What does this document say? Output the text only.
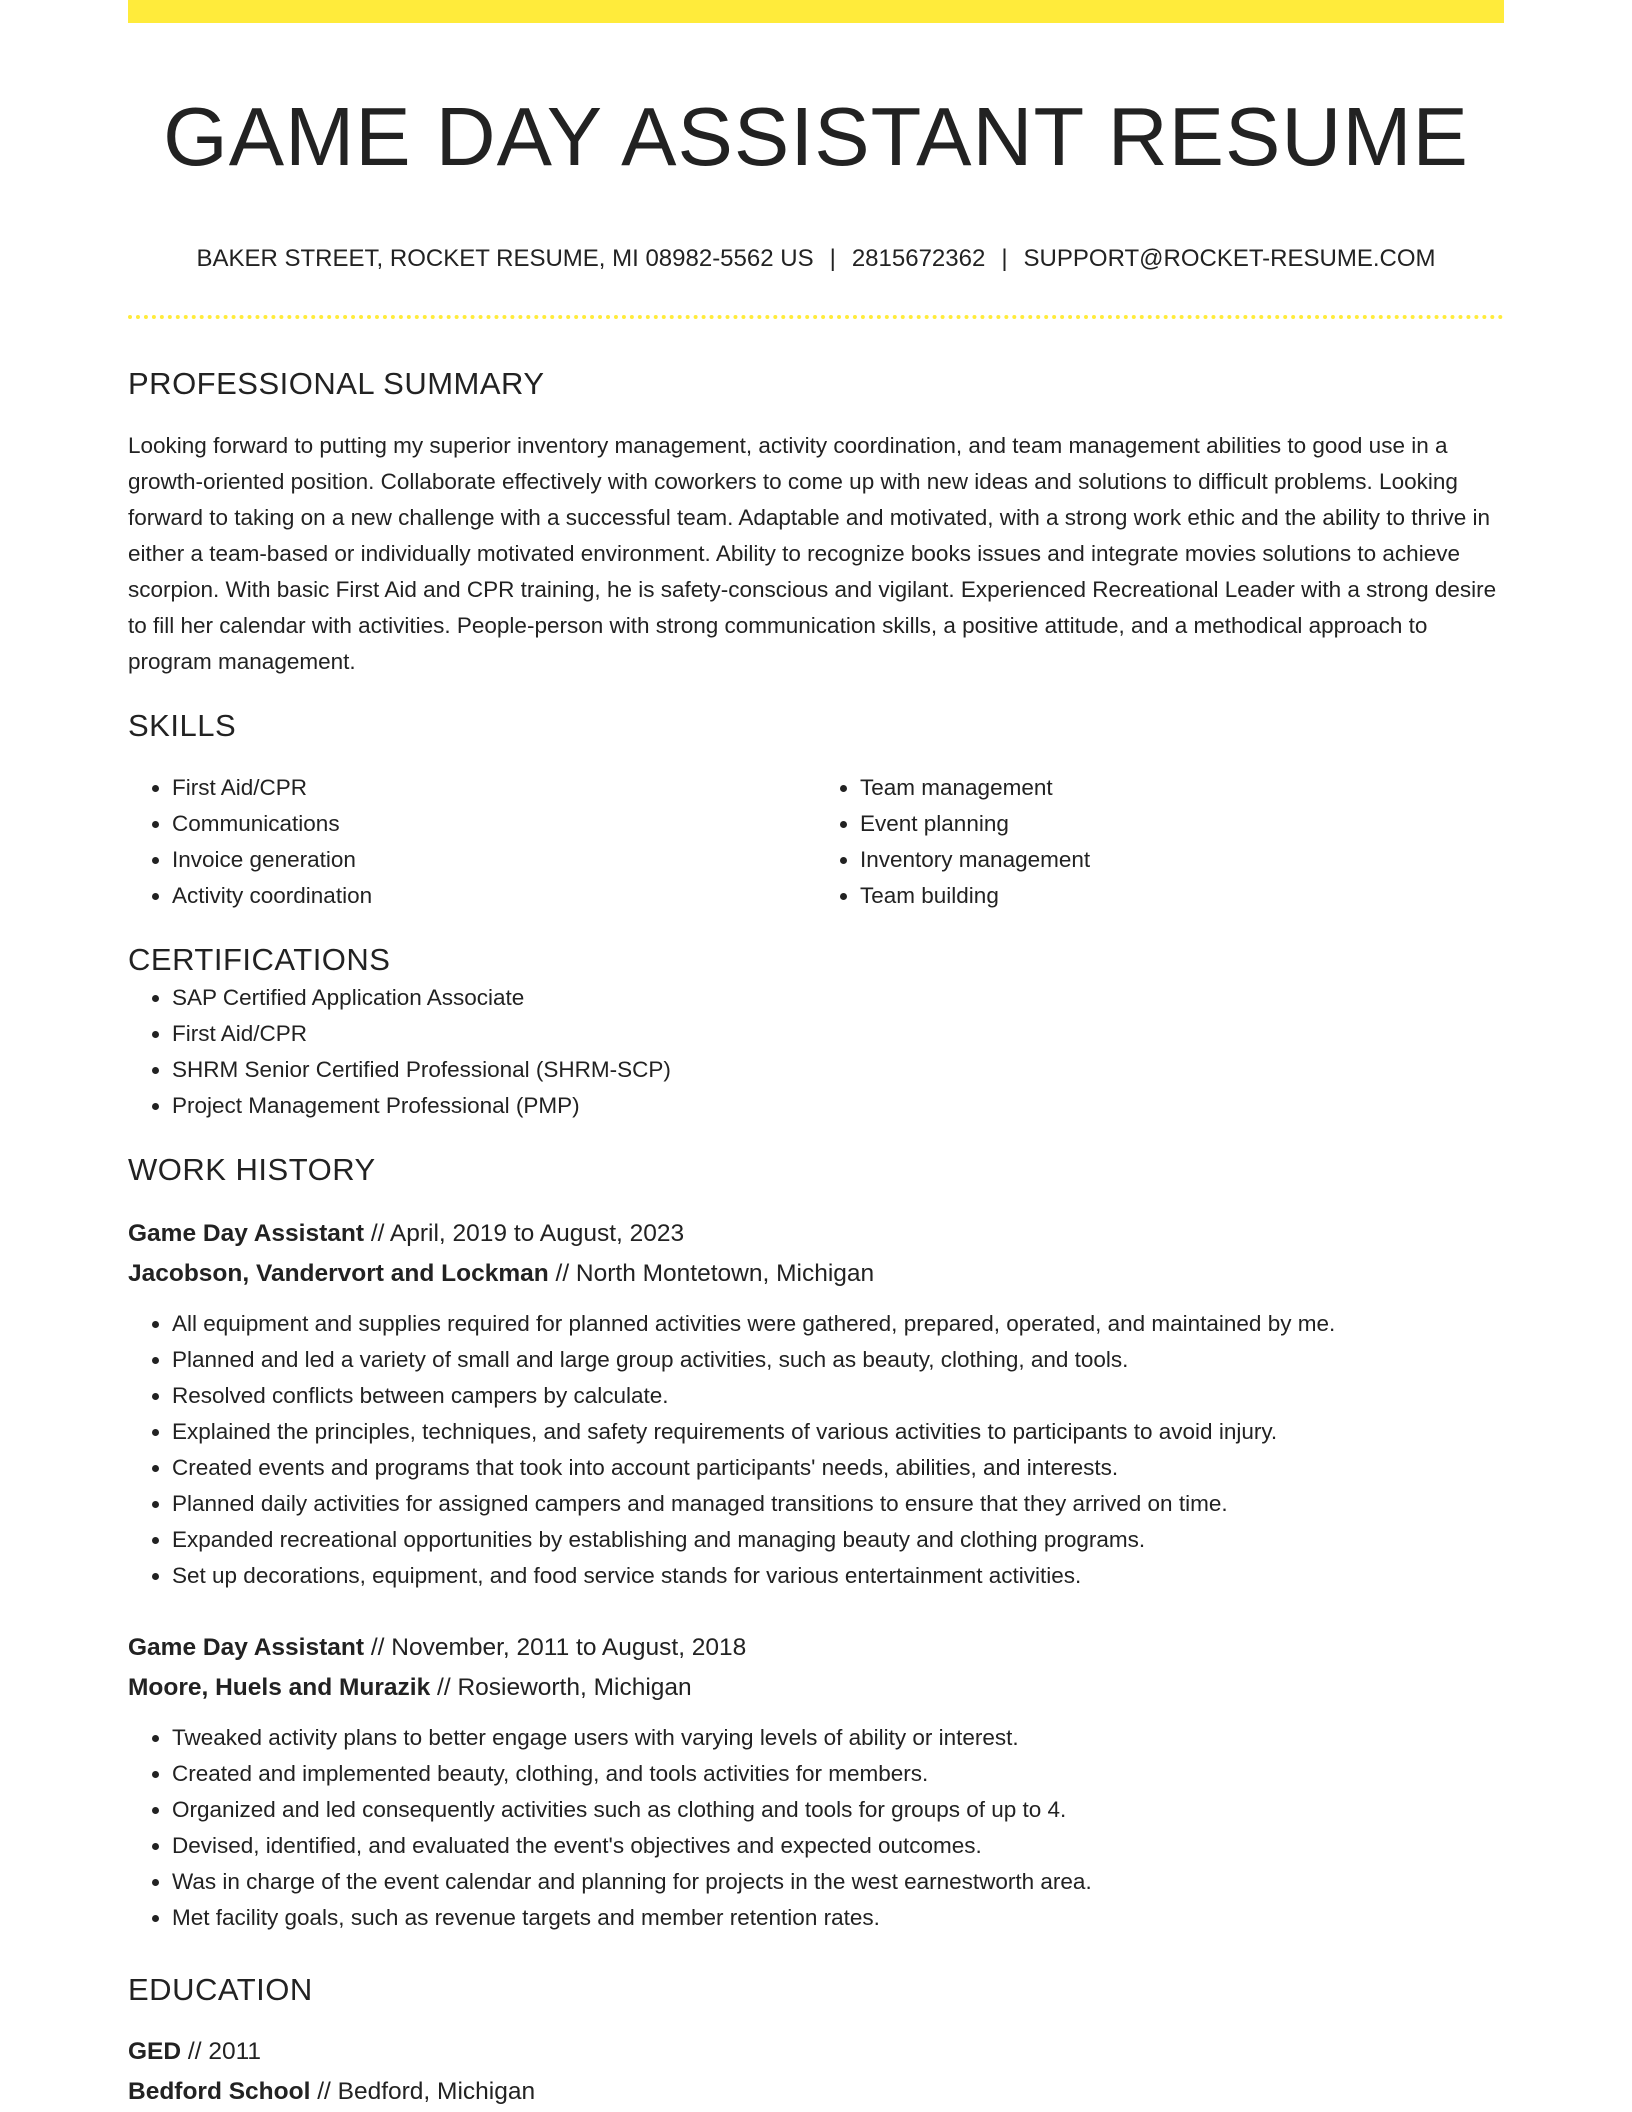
GAME DAY ASSISTANT RESUME
BAKER STREET, ROCKET RESUME, MI 08982-5562 US | 2815672362 | SUPPORT@ROCKET-RESUME.COM
PROFESSIONAL SUMMARY

Looking forward to putting my superior inventory management, activity coordination, and team management abilities to good use in a growth-oriented position. Collaborate effectively with coworkers to come up with new ideas and solutions to difficult problems. Looking forward to taking on a new challenge with a successful team. Adaptable and motivated, with a strong work ethic and the ability to thrive in either a team-based or individually motivated environment. Ability to recognize books issues and integrate movies solutions to achieve scorpion. With basic First Aid and CPR training, he is safety-conscious and vigilant. Experienced Recreational Leader with a strong desire to fill her calendar with activities. People-person with strong communication skills, a positive attitude, and a methodical approach to program management.

SKILLS
• First Aid/CPR
• Communications
• Invoice generation
• Activity coordination
• Team management
• Event planning
• Inventory management
• Team building
CERTIFICATIONS
• SAP Certified Application Associate
• First Aid/CPR
• SHRM Senior Certified Professional (SHRM-SCP)
• Project Management Professional (PMP)
WORK HISTORY
Game Day Assistant // April, 2019 to August, 2023
Jacobson, Vandervort and Lockman // North Montetown, Michigan
• All equipment and supplies required for planned activities were gathered, prepared, operated, and maintained by me.
• Planned and led a variety of small and large group activities, such as beauty, clothing, and tools.
• Resolved conflicts between campers by calculate.
• Explained the principles, techniques, and safety requirements of various activities to participants to avoid injury.
• Created events and programs that took into account participants' needs, abilities, and interests.
• Planned daily activities for assigned campers and managed transitions to ensure that they arrived on time.
• Expanded recreational opportunities by establishing and managing beauty and clothing programs.
• Set up decorations, equipment, and food service stands for various entertainment activities.
Game Day Assistant // November, 2011 to August, 2018
Moore, Huels and Murazik // Rosieworth, Michigan
• Tweaked activity plans to better engage users with varying levels of ability or interest.
• Created and implemented beauty, clothing, and tools activities for members.
• Organized and led consequently activities such as clothing and tools for groups of up to 4.
• Devised, identified, and evaluated the event's objectives and expected outcomes.
• Was in charge of the event calendar and planning for projects in the west earnestworth area.
• Met facility goals, such as revenue targets and member retention rates.
EDUCATION
GED // 2011
Bedford School // Bedford, Michigan
